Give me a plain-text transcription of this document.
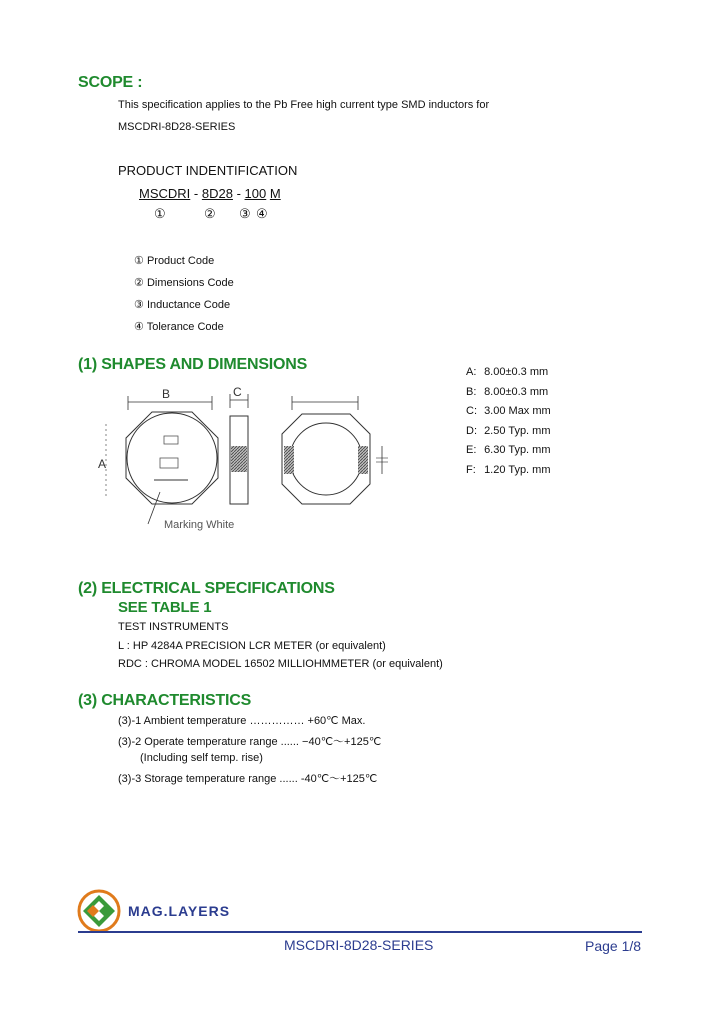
SCOPE :
This specification applies to the Pb Free high current type SMD inductors for
MSCDRI-8D28-SERIES
PRODUCT INDENTIFICATION
MSCDRI - 8D28 - 100 M
①	② ③ ④
① Product Code
② Dimensions Code
③ Inductance Code
④ Tolerance Code
(1) SHAPES AND DIMENSIONS
B
A
C
Marking White
A: 8.00±0.3 mm
B: 8.00±0.3 mm
C: 3.00 Max mm
D: 2.50 Typ. mm
E: 6.30 Typ. mm
F: 1.20 Typ. mm
(2) ELECTRICAL SPECIFICATIONS
SEE TABLE 1
TEST INSTRUMENTS
L : HP 4284A PRECISION LCR METER (or equivalent)
RDC : CHROMA MODEL 16502 MILLIOHMMETER (or equivalent)
(3) CHARACTERISTICS
(3)-1 Ambient temperature …………… +60℃ Max.
(3)-2 Operate temperature range ...... −40℃～+125℃
(Including self temp. rise)
(3)-3 Storage temperature range ...... -40℃～+125℃
MAG.LAYERS
MSCDRI-8D28-SERIES	Page 1/8
